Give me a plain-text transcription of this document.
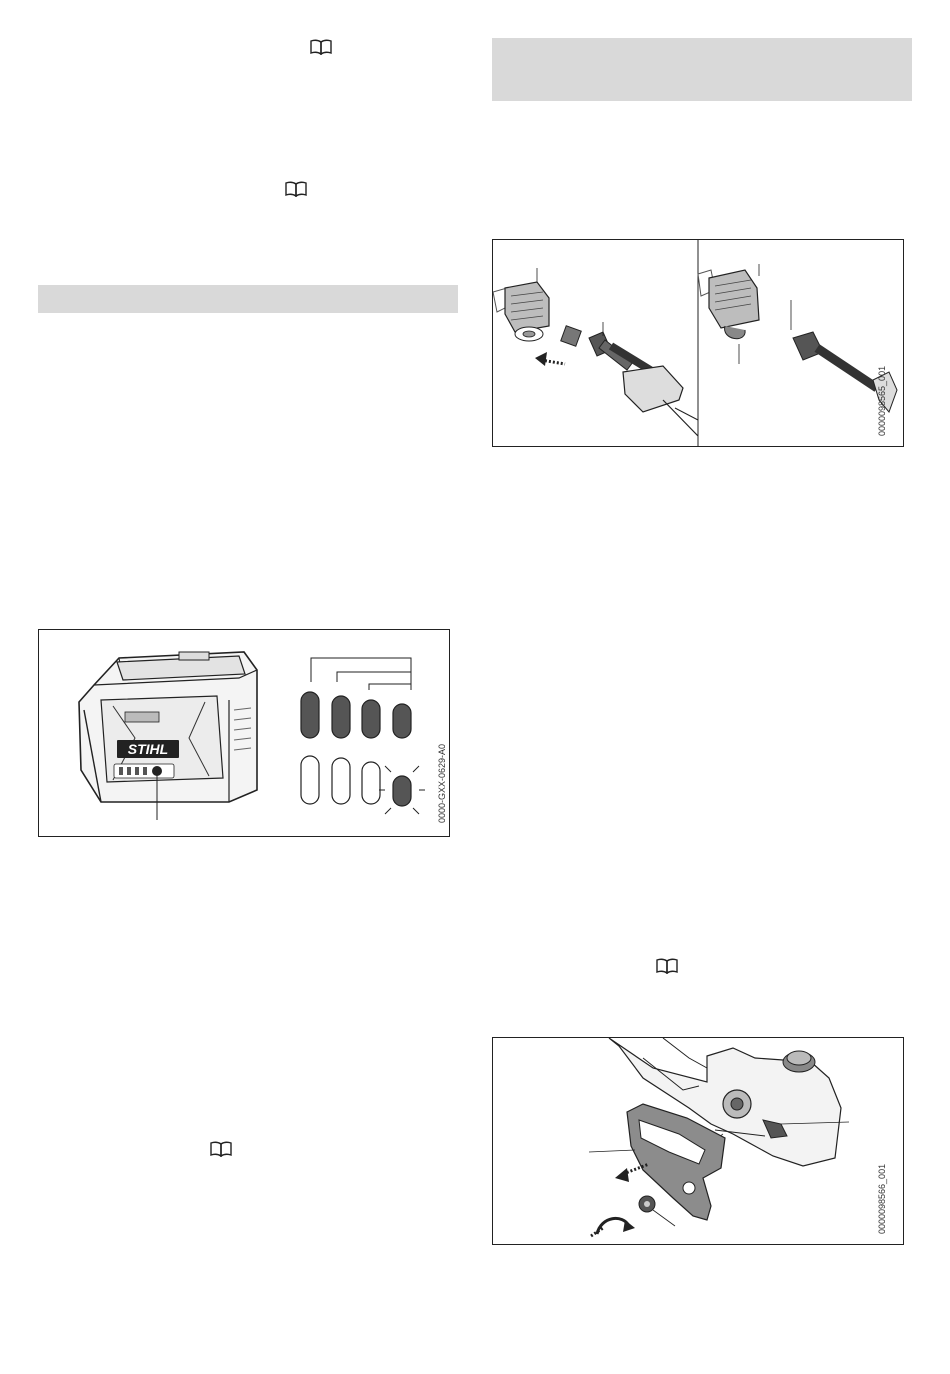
STIHL	0000-GXX-0629-A0
0000098565_001
0000098566_001
